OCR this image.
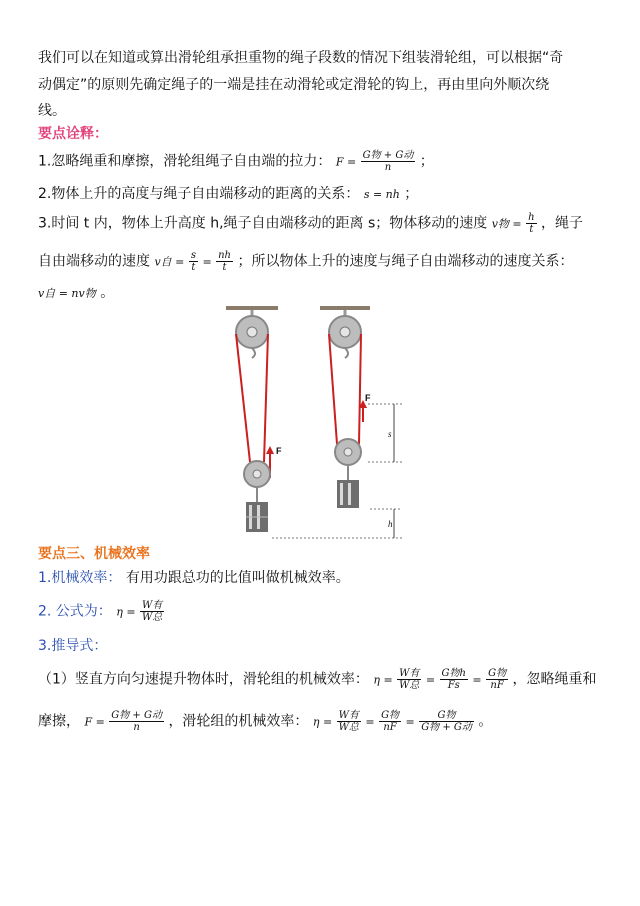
我们可以在知道或算出滑轮组承担重物的绳子段数的情况下组装滑轮组，可以根据“奇
动偶定”的原则先确定绳子的一端是挂在动滑轮或定滑轮的钩上，再由里向外顺次绕
线。
要点诠释：
1.忽略绳重和摩擦，滑轮组绳子自由端的拉力： $F = \frac{\text{G物 + G动}}{n}$ ；
2.物体上升的高度与绳子自由端移动的距离的关系： s = nh ；
3.时间 t 内，物体上升高度 h,绳子自由端移动的距离 s；物体移动的速度 v物 = $\frac{h}{t}$ ，绳子
自由端移动的速度 v自 = $\frac{s}{t} = \frac{nh}{t}$ ；所以物体上升的速度与绳子自由端移动的速度关系：
v自 = nv物 。
F
F
s
h
要点三、机械效率
1.机械效率： 有用功跟总功的比值叫做机械效率。
2. 公式为： $\eta = \frac{\text{W有}}{\text{W总}}$
3.推导式：
（1）竖直方向匀速提升物体时，滑轮组的机械效率： $\eta = \frac{\text{W有}}{\text{W总}} = \frac{\text{G物h}}{Fs} = \frac{\text{G物}}{nF}$ ，忽略绳重和
摩擦， $F = \frac{\text{G物 + G动}}{n}$ ，滑轮组的机械效率： $\eta = \frac{\text{W有}}{\text{W总}} = \frac{\text{G物}}{nF} = \frac{\text{G物}}{\text{G物 + G动}}$ 。
